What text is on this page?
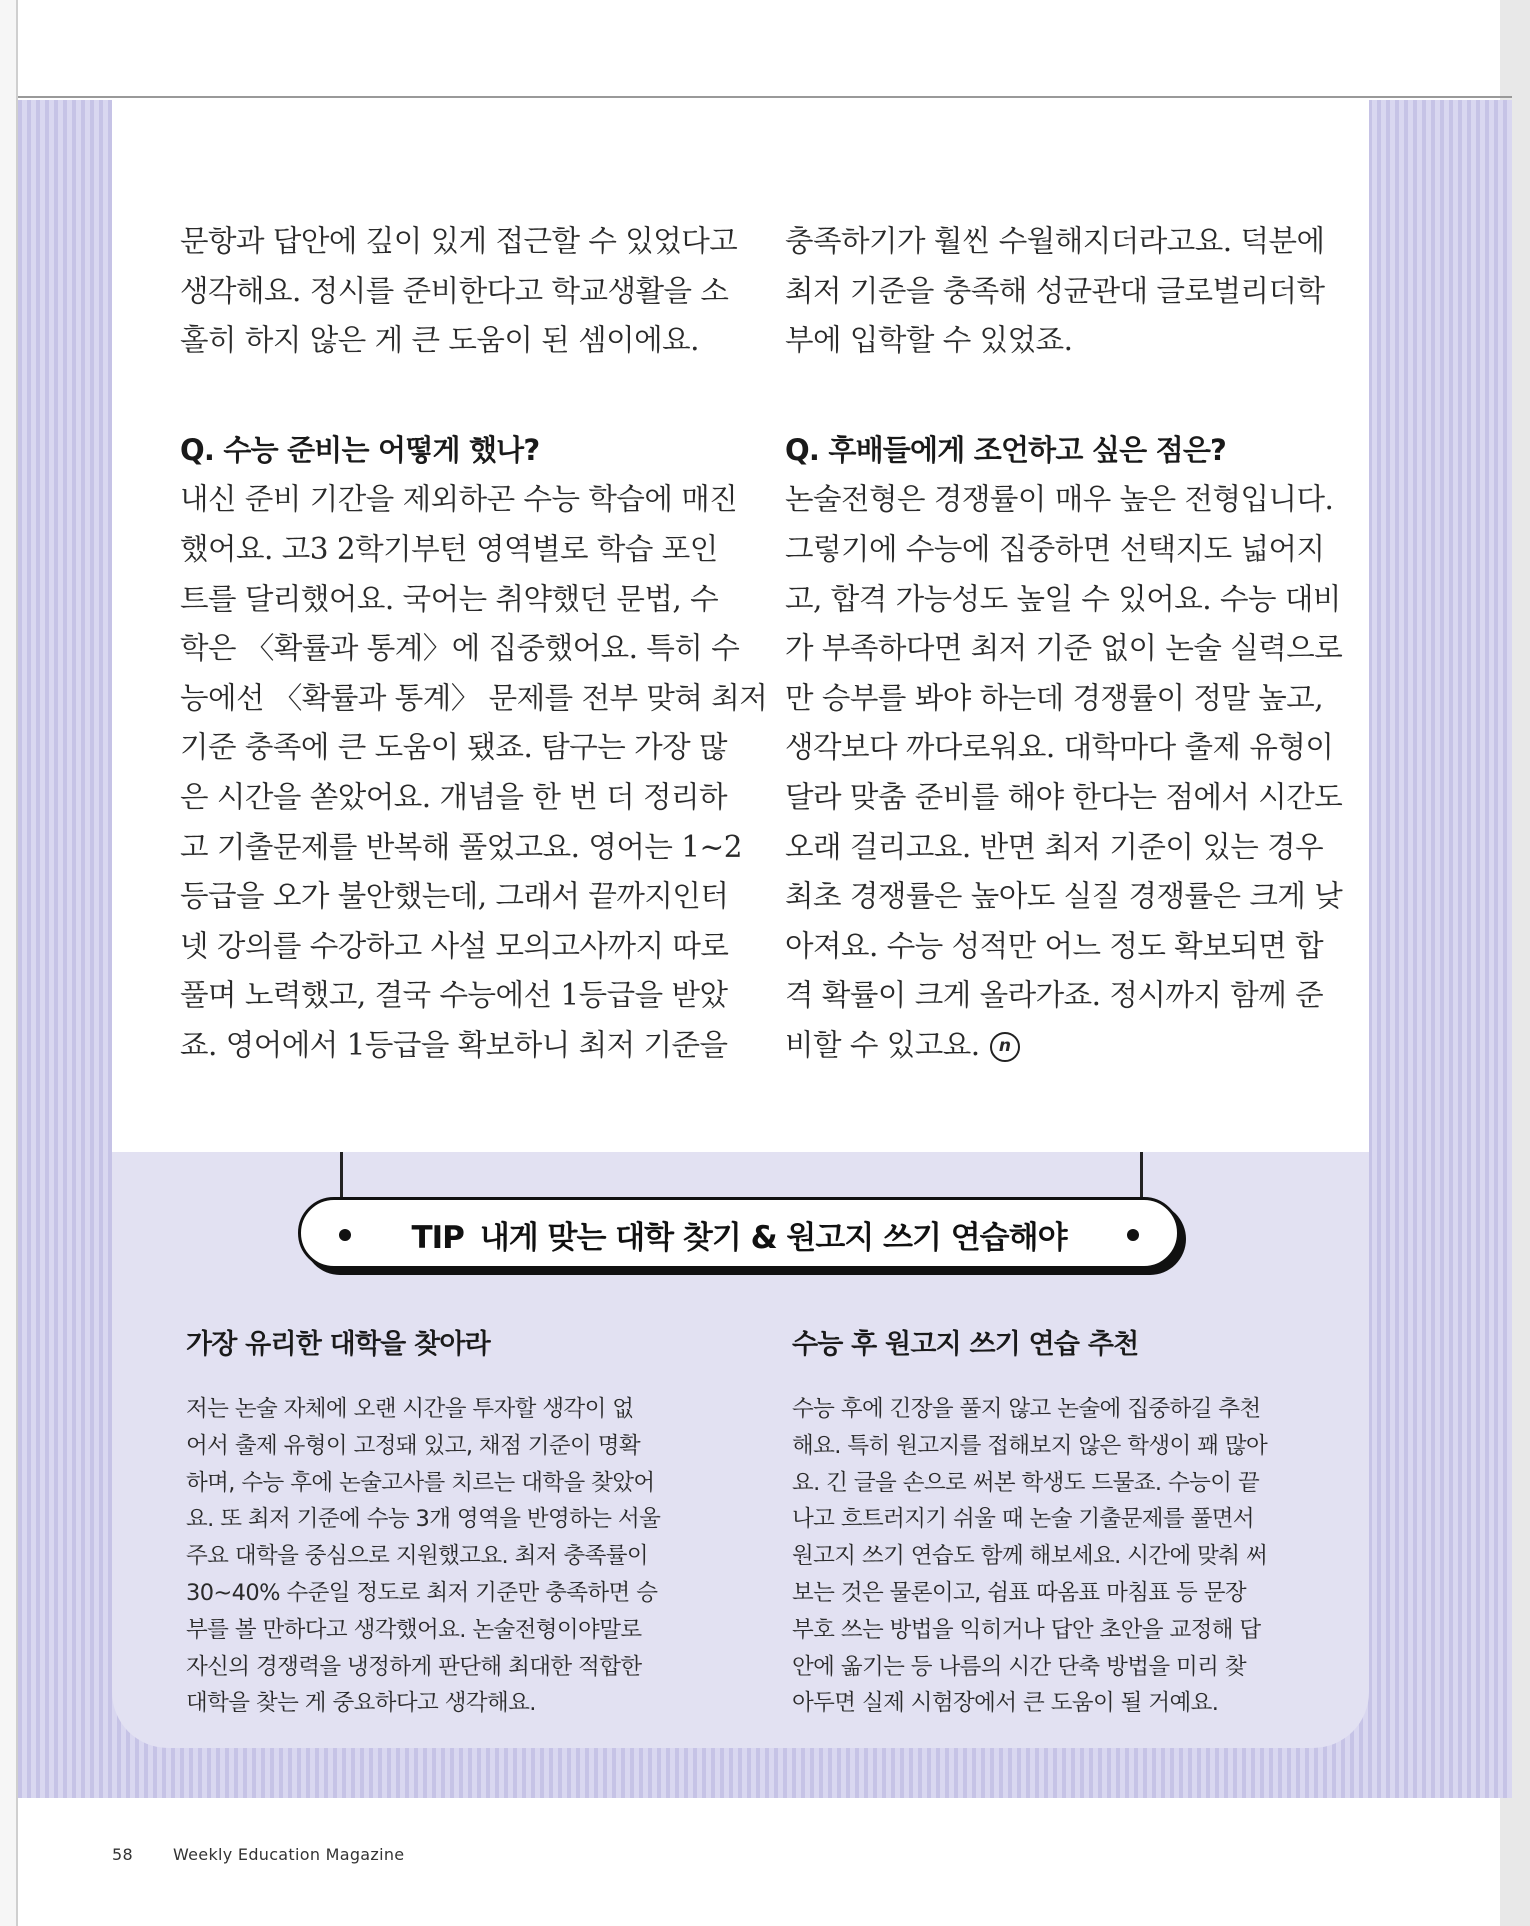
문항과 답안에 깊이 있게 접근할 수 있었다고
생각해요. 정시를 준비한다고 학교생활을 소
홀히 하지 않은 게 큰 도움이 된 셈이에요.

Q. 수능 준비는 어떻게 했나?

내신 준비 기간을 제외하곤 수능 학습에 매진
했어요. 고3 2학기부턴 영역별로 학습 포인
트를 달리했어요. 국어는 취약했던 문법, 수
학은 〈확률과 통계〉에 집중했어요. 특히 수
능에선 〈확률과 통계〉 문제를 전부 맞혀 최저
기준 충족에 큰 도움이 됐죠. 탐구는 가장 많
은 시간을 쏟았어요. 개념을 한 번 더 정리하
고 기출문제를 반복해 풀었고요. 영어는 1~2
등급을 오가 불안했는데, 그래서 끝까지인터
넷 강의를 수강하고 사설 모의고사까지 따로
풀며 노력했고, 결국 수능에선 1등급을 받았
죠. 영어에서 1등급을 확보하니 최저 기준을

충족하기가 훨씬 수월해지더라고요. 덕분에
최저 기준을 충족해 성균관대 글로벌리더학
부에 입학할 수 있었죠.

Q. 후배들에게 조언하고 싶은 점은?

논술전형은 경쟁률이 매우 높은 전형입니다.
그렇기에 수능에 집중하면 선택지도 넓어지
고, 합격 가능성도 높일 수 있어요. 수능 대비
가 부족하다면 최저 기준 없이 논술 실력으로
만 승부를 봐야 하는데 경쟁률이 정말 높고,
생각보다 까다로워요. 대학마다 출제 유형이
달라 맞춤 준비를 해야 한다는 점에서 시간도
오래 걸리고요. 반면 최저 기준이 있는 경우
최초 경쟁률은 높아도 실질 경쟁률은 크게 낮
아져요. 수능 성적만 어느 정도 확보되면 합
격 확률이 크게 올라가죠. 정시까지 함께 준
비할 수 있고요. n

TIP 내게 맞는 대학 찾기 & 원고지 쓰기 연습해야

가장 유리한 대학을 찾아라

저는 논술 자체에 오랜 시간을 투자할 생각이 없
어서 출제 유형이 고정돼 있고, 채점 기준이 명확
하며, 수능 후에 논술고사를 치르는 대학을 찾았어
요. 또 최저 기준에 수능 3개 영역을 반영하는 서울
주요 대학을 중심으로 지원했고요. 최저 충족률이
30~40% 수준일 정도로 최저 기준만 충족하면 승
부를 볼 만하다고 생각했어요. 논술전형이야말로
자신의 경쟁력을 냉정하게 판단해 최대한 적합한
대학을 찾는 게 중요하다고 생각해요.

수능 후 원고지 쓰기 연습 추천

수능 후에 긴장을 풀지 않고 논술에 집중하길 추천
해요. 특히 원고지를 접해보지 않은 학생이 꽤 많아
요. 긴 글을 손으로 써본 학생도 드물죠. 수능이 끝
나고 흐트러지기 쉬울 때 논술 기출문제를 풀면서
원고지 쓰기 연습도 함께 해보세요. 시간에 맞춰 써
보는 것은 물론이고, 쉼표 따옴표 마침표 등 문장
부호 쓰는 방법을 익히거나 답안 초안을 교정해 답
안에 옮기는 등 나름의 시간 단축 방법을 미리 찾
아두면 실제 시험장에서 큰 도움이 될 거예요.
58	Weekly Education Magazine
